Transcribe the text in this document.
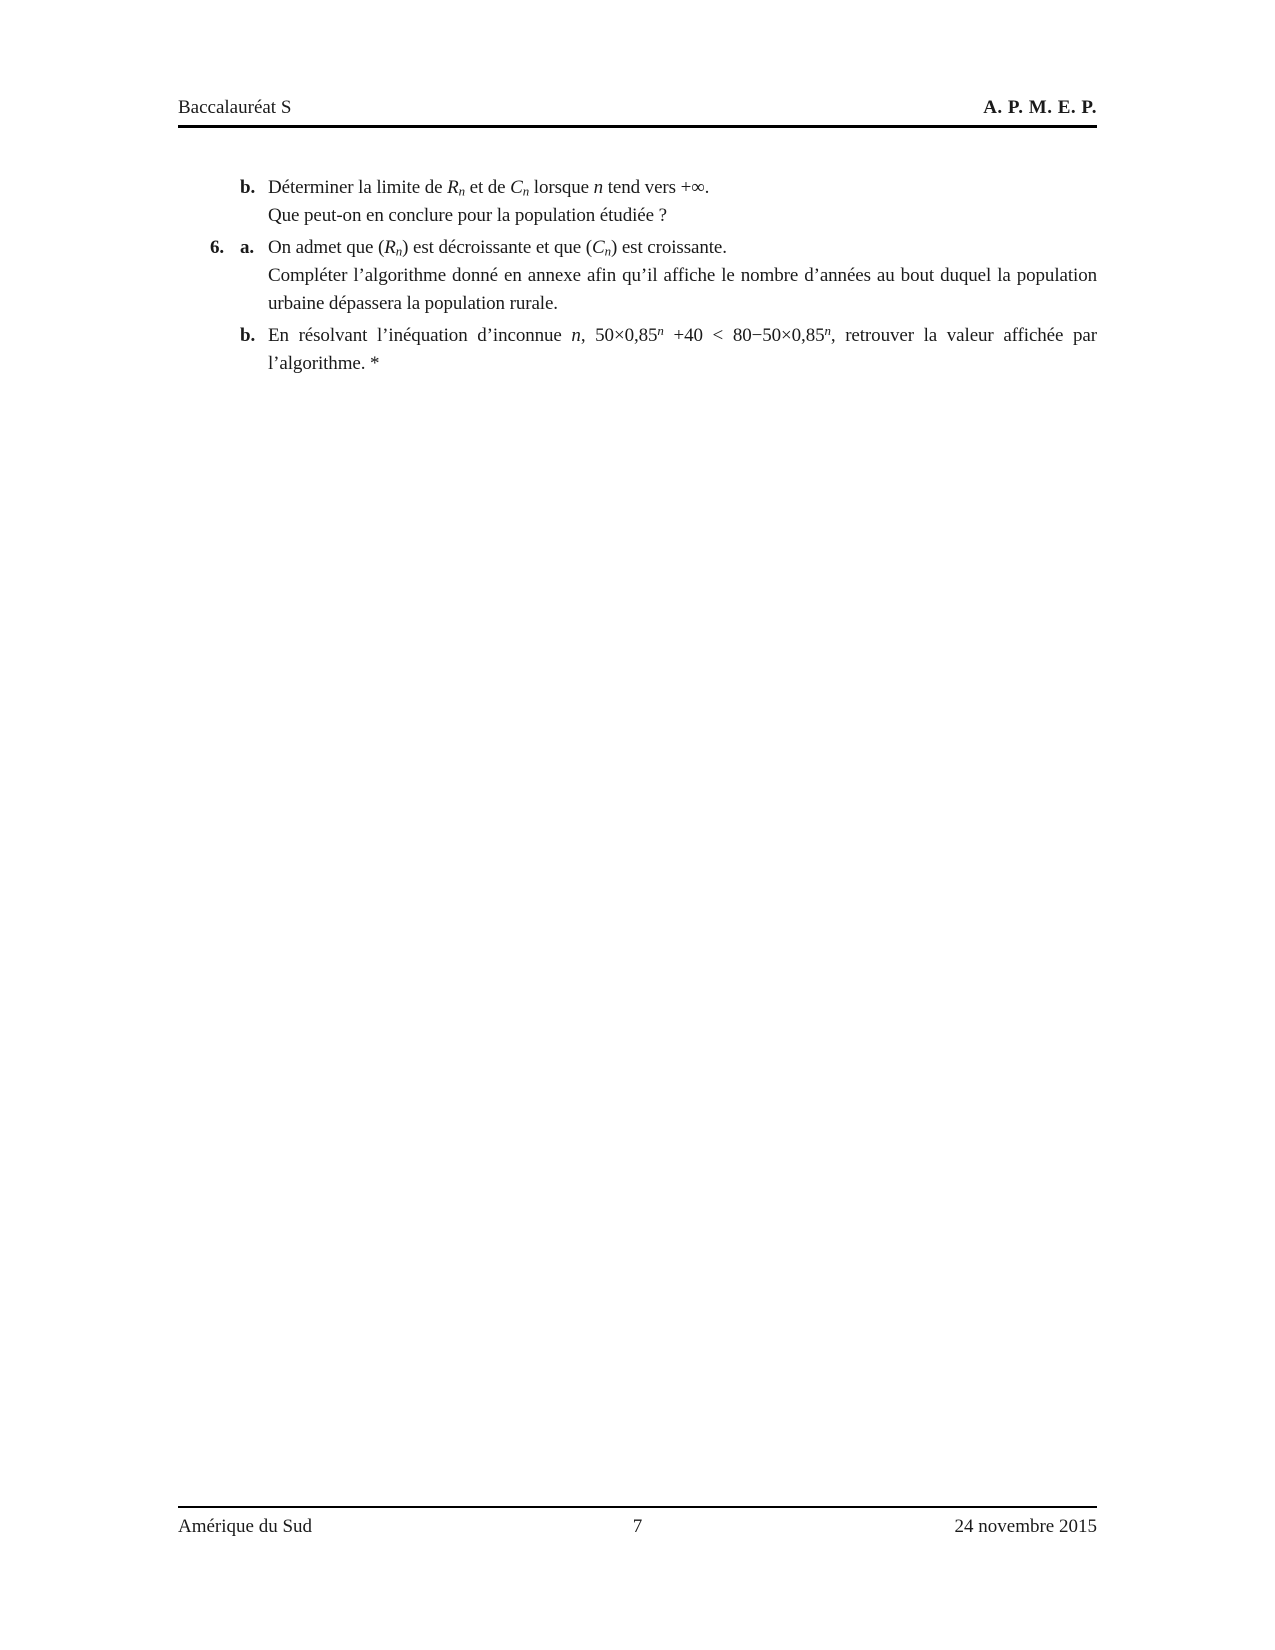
Baccalauréat S	A. P. M. E. P.
b. Déterminer la limite de Rn et de Cn lorsque n tend vers +∞.
Que peut-on en conclure pour la population étudiée ?
6. a. On admet que (Rn) est décroissante et que (Cn) est croissante.
Compléter l’algorithme donné en annexe afin qu’il affiche le nombre d’années au bout duquel la population urbaine dépassera la population rurale.
b. En résolvant l’inéquation d’inconnue n, $50\times 0,85^n +40 < 80-50\times 0,85^n$, retrouver la valeur affichée par l’algorithme. *
Amérique du Sud	7	24 novembre 2015
